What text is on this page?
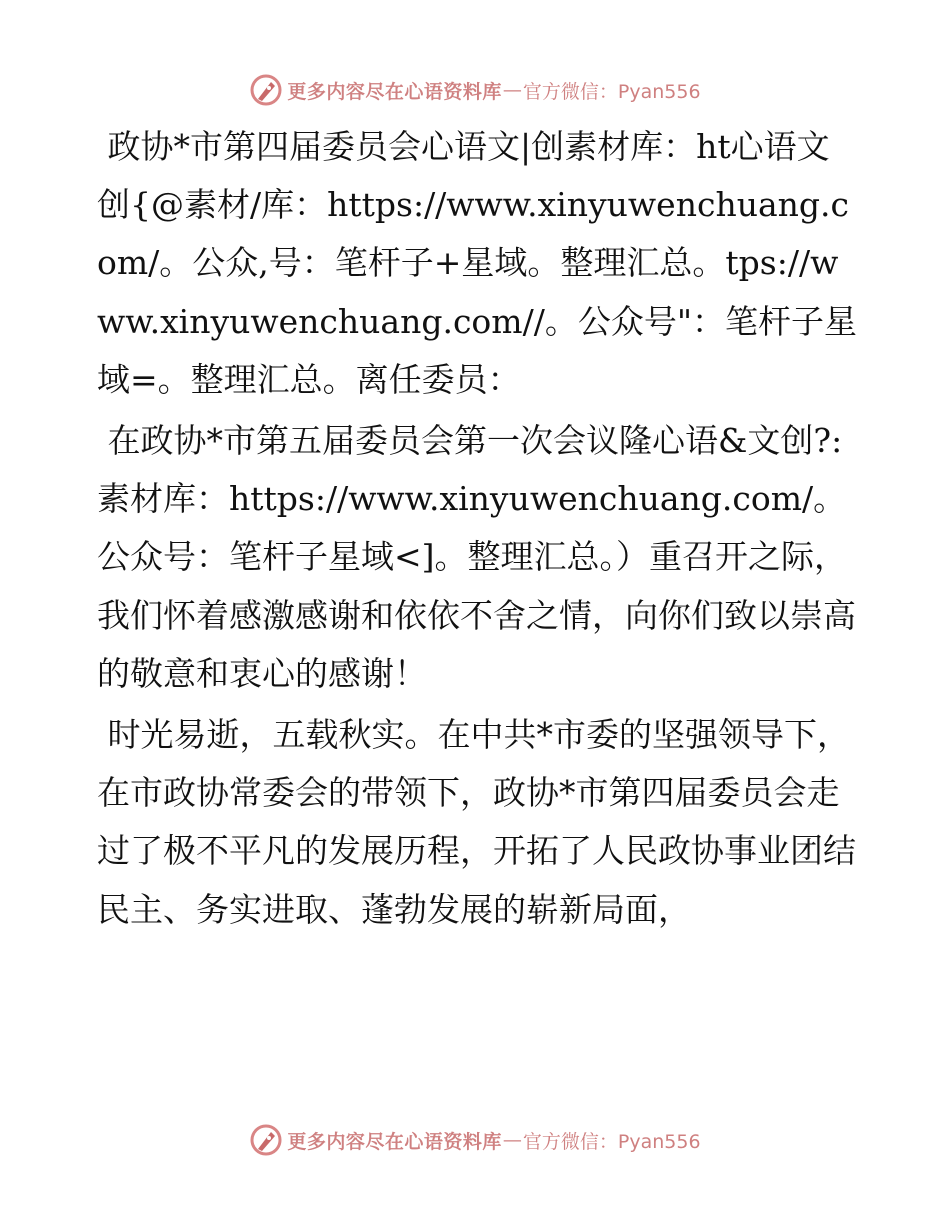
更多内容尽在心语资料库 — 官方微信：Pyan556

政协*市第四届委员会心语文|创素材库：ht心语文创{@素材/库：https://www.xinyuwenchuang.com/。公众,号：笔杆子+星域。整理汇总。tps://www.xinyuwenchuang.com//。公众号"：笔杆子星域=。整理汇总。离任委员：

在政协*市第五届委员会第一次会议隆心语&文创?:素材库：https://www.xinyuwenchuang.com/。公众号：笔杆子星域<]。整理汇总。）重召开之际，我们怀着感激感谢和依依不舍之情，向你们致以崇高的敬意和衷心的感谢！

时光易逝，五载秋实。在中共*市委的坚强领导下，在市政协常委会的带领下，政协*市第四届委员会走过了极不平凡的发展历程，开拓了人民政协事业团结民主、务实进取、蓬勃发展的崭新局面，

更多内容尽在心语资料库 — 官方微信：Pyan556
